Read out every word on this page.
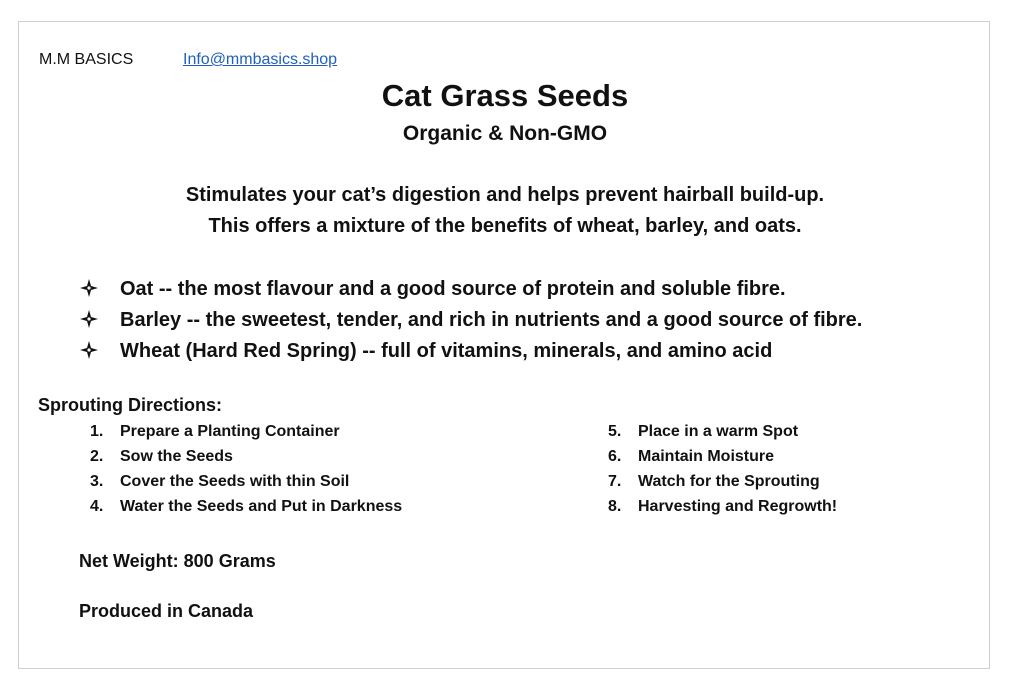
M.M BASICS	Info@mmbasics.shop
Cat Grass Seeds
Organic & Non-GMO
Stimulates your cat’s digestion and helps prevent hairball build-up.
This offers a mixture of the benefits of wheat, barley, and oats.
Oat -- the most flavour and a good source of protein and soluble fibre.
Barley -- the sweetest, tender, and rich in nutrients and a good source of fibre.
Wheat (Hard Red Spring) -- full of vitamins, minerals, and amino acid
Sprouting Directions:
1. Prepare a Planting Container
2. Sow the Seeds
3. Cover the Seeds with thin Soil
4. Water the Seeds and Put in Darkness
5. Place in a warm Spot
6. Maintain Moisture
7. Watch for the Sprouting
8. Harvesting and Regrowth!
Net Weight: 800 Grams
Produced in Canada
